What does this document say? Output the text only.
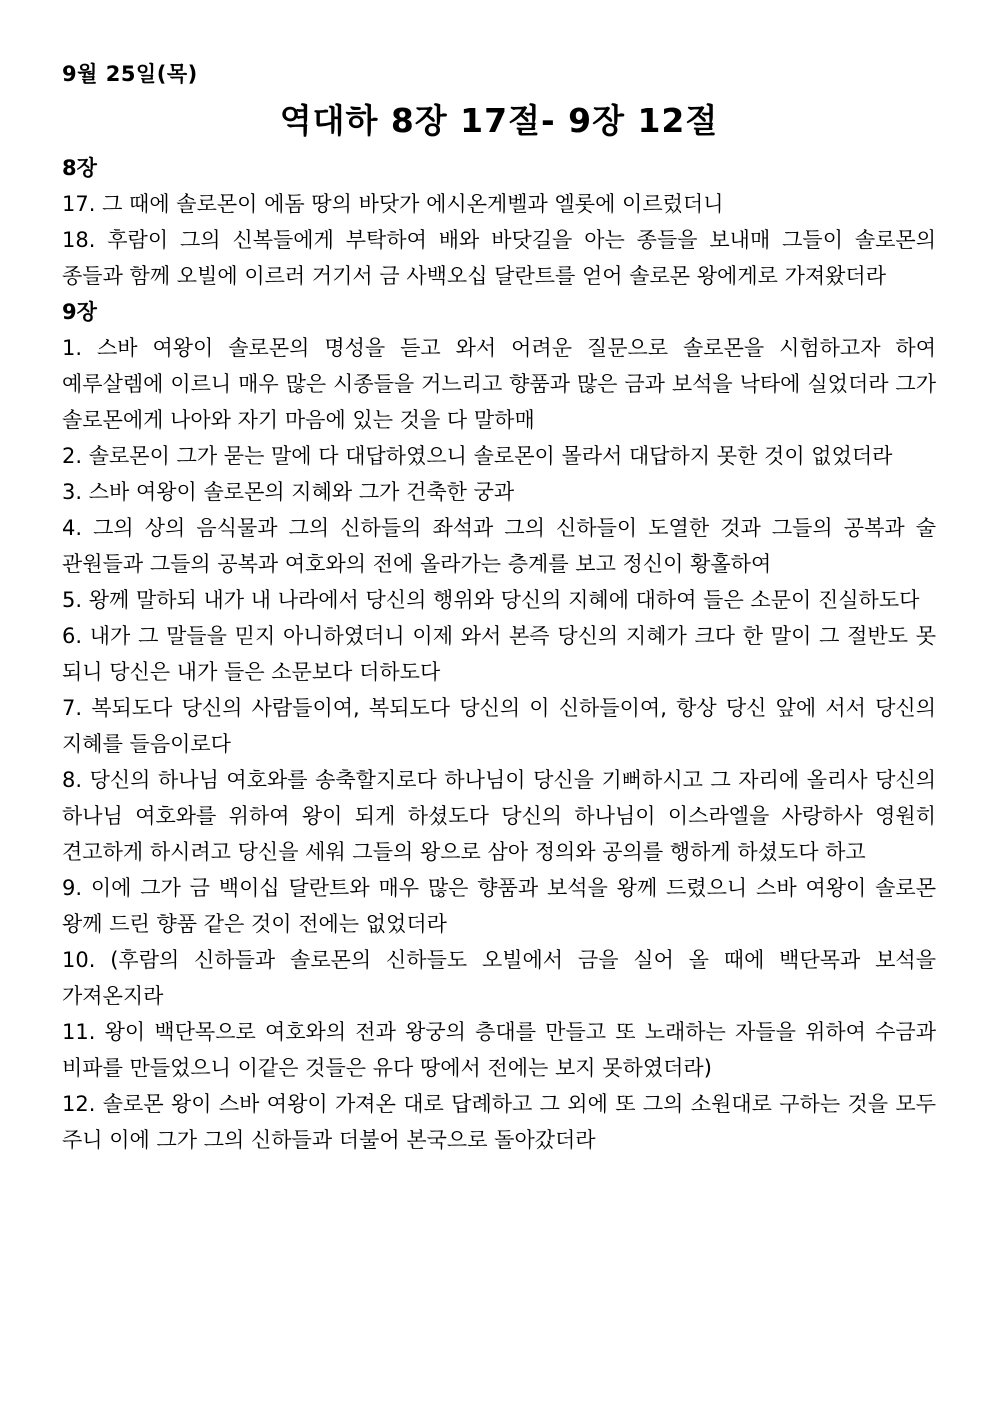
9월 25일(목)
역대하 8장 17절- 9장 12절
8장
17. 그 때에 솔로몬이 에돔 땅의 바닷가 에시온게벨과 엘롯에 이르렀더니
18. 후람이 그의 신복들에게 부탁하여 배와 바닷길을 아는 종들을 보내매 그들이 솔로몬의 종들과 함께 오빌에 이르러 거기서 금 사백오십 달란트를 얻어 솔로몬 왕에게로 가져왔더라
9장
1. 스바 여왕이 솔로몬의 명성을 듣고 와서 어려운 질문으로 솔로몬을 시험하고자 하여 예루살렘에 이르니 매우 많은 시종들을 거느리고 향품과 많은 금과 보석을 낙타에 실었더라 그가 솔로몬에게 나아와 자기 마음에 있는 것을 다 말하매
2. 솔로몬이 그가 묻는 말에 다 대답하였으니 솔로몬이 몰라서 대답하지 못한 것이 없었더라
3. 스바 여왕이 솔로몬의 지혜와 그가 건축한 궁과
4. 그의 상의 음식물과 그의 신하들의 좌석과 그의 신하들이 도열한 것과 그들의 공복과 술 관원들과 그들의 공복과 여호와의 전에 올라가는 층계를 보고 정신이 황홀하여
5. 왕께 말하되 내가 내 나라에서 당신의 행위와 당신의 지혜에 대하여 들은 소문이 진실하도다
6. 내가 그 말들을 믿지 아니하였더니 이제 와서 본즉 당신의 지혜가 크다 한 말이 그 절반도 못 되니 당신은 내가 들은 소문보다 더하도다
7. 복되도다 당신의 사람들이여, 복되도다 당신의 이 신하들이여, 항상 당신 앞에 서서 당신의 지혜를 들음이로다
8. 당신의 하나님 여호와를 송축할지로다 하나님이 당신을 기뻐하시고 그 자리에 올리사 당신의 하나님 여호와를 위하여 왕이 되게 하셨도다 당신의 하나님이 이스라엘을 사랑하사 영원히 견고하게 하시려고 당신을 세워 그들의 왕으로 삼아 정의와 공의를 행하게 하셨도다 하고
9. 이에 그가 금 백이십 달란트와 매우 많은 향품과 보석을 왕께 드렸으니 스바 여왕이 솔로몬 왕께 드린 향품 같은 것이 전에는 없었더라
10. (후람의 신하들과 솔로몬의 신하들도 오빌에서 금을 실어 올 때에 백단목과 보석을 가져온지라
11. 왕이 백단목으로 여호와의 전과 왕궁의 층대를 만들고 또 노래하는 자들을 위하여 수금과 비파를 만들었으니 이같은 것들은 유다 땅에서 전에는 보지 못하였더라)
12. 솔로몬 왕이 스바 여왕이 가져온 대로 답례하고 그 외에 또 그의 소원대로 구하는 것을 모두 주니 이에 그가 그의 신하들과 더불어 본국으로 돌아갔더라
